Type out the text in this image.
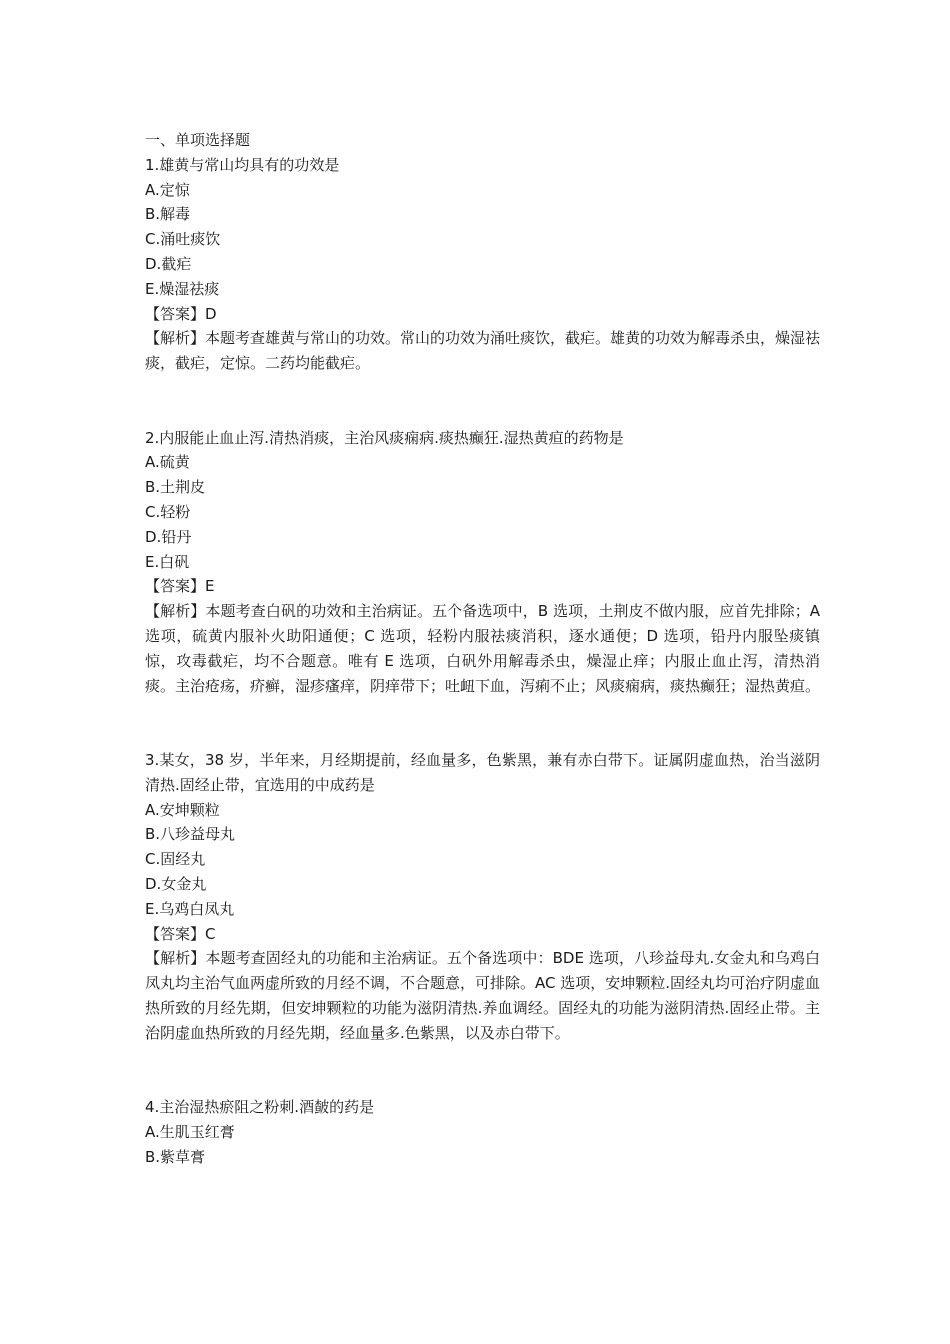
一、单项选择题

1.雄黄与常山均具有的功效是

A.定惊

B.解毒

C.涌吐痰饮

D.截疟

E.燥湿祛痰

【答案】D

【解析】本题考查雄黄与常山的功效。常山的功效为涌吐痰饮，截疟。雄黄的功效为解毒杀虫，燥湿祛痰，截疟，定惊。二药均能截疟。

2.内服能止血止泻.清热消痰，主治风痰痫病.痰热癫狂.湿热黄疸的药物是

A.硫黄

B.土荆皮

C.轻粉

D.铅丹

E.白矾

【答案】E

【解析】本题考查白矾的功效和主治病证。五个备选项中，B 选项，土荆皮不做内服，应首先排除；A 选项，硫黄内服补火助阳通便；C 选项，轻粉内服祛痰消积，逐水通便；D 选项，铅丹内服坠痰镇惊，攻毒截疟，均不合题意。唯有 E 选项，白矾外用解毒杀虫，燥湿止痒；内服止血止泻，清热消痰。主治疮疡，疥癣，湿疹瘙痒，阴痒带下；吐衄下血，泻痢不止；风痰痫病，痰热癫狂；湿热黄疸。

3.某女，38 岁，半年来，月经期提前，经血量多，色紫黑，兼有赤白带下。证属阴虚血热，治当滋阴清热.固经止带，宜选用的中成药是

A.安坤颗粒

B.八珍益母丸

C.固经丸

D.女金丸

E.乌鸡白凤丸

【答案】C

【解析】本题考查固经丸的功能和主治病证。五个备选项中：BDE 选项，八珍益母丸.女金丸和乌鸡白凤丸均主治气血两虚所致的月经不调，不合题意，可排除。AC 选项，安坤颗粒.固经丸均可治疗阴虚血热所致的月经先期，但安坤颗粒的功能为滋阴清热.养血调经。固经丸的功能为滋阴清热.固经止带。主治阴虚血热所致的月经先期，经血量多.色紫黑，以及赤白带下。

4.主治湿热瘀阻之粉刺.酒皶的药是

A.生肌玉红膏

B.紫草膏
